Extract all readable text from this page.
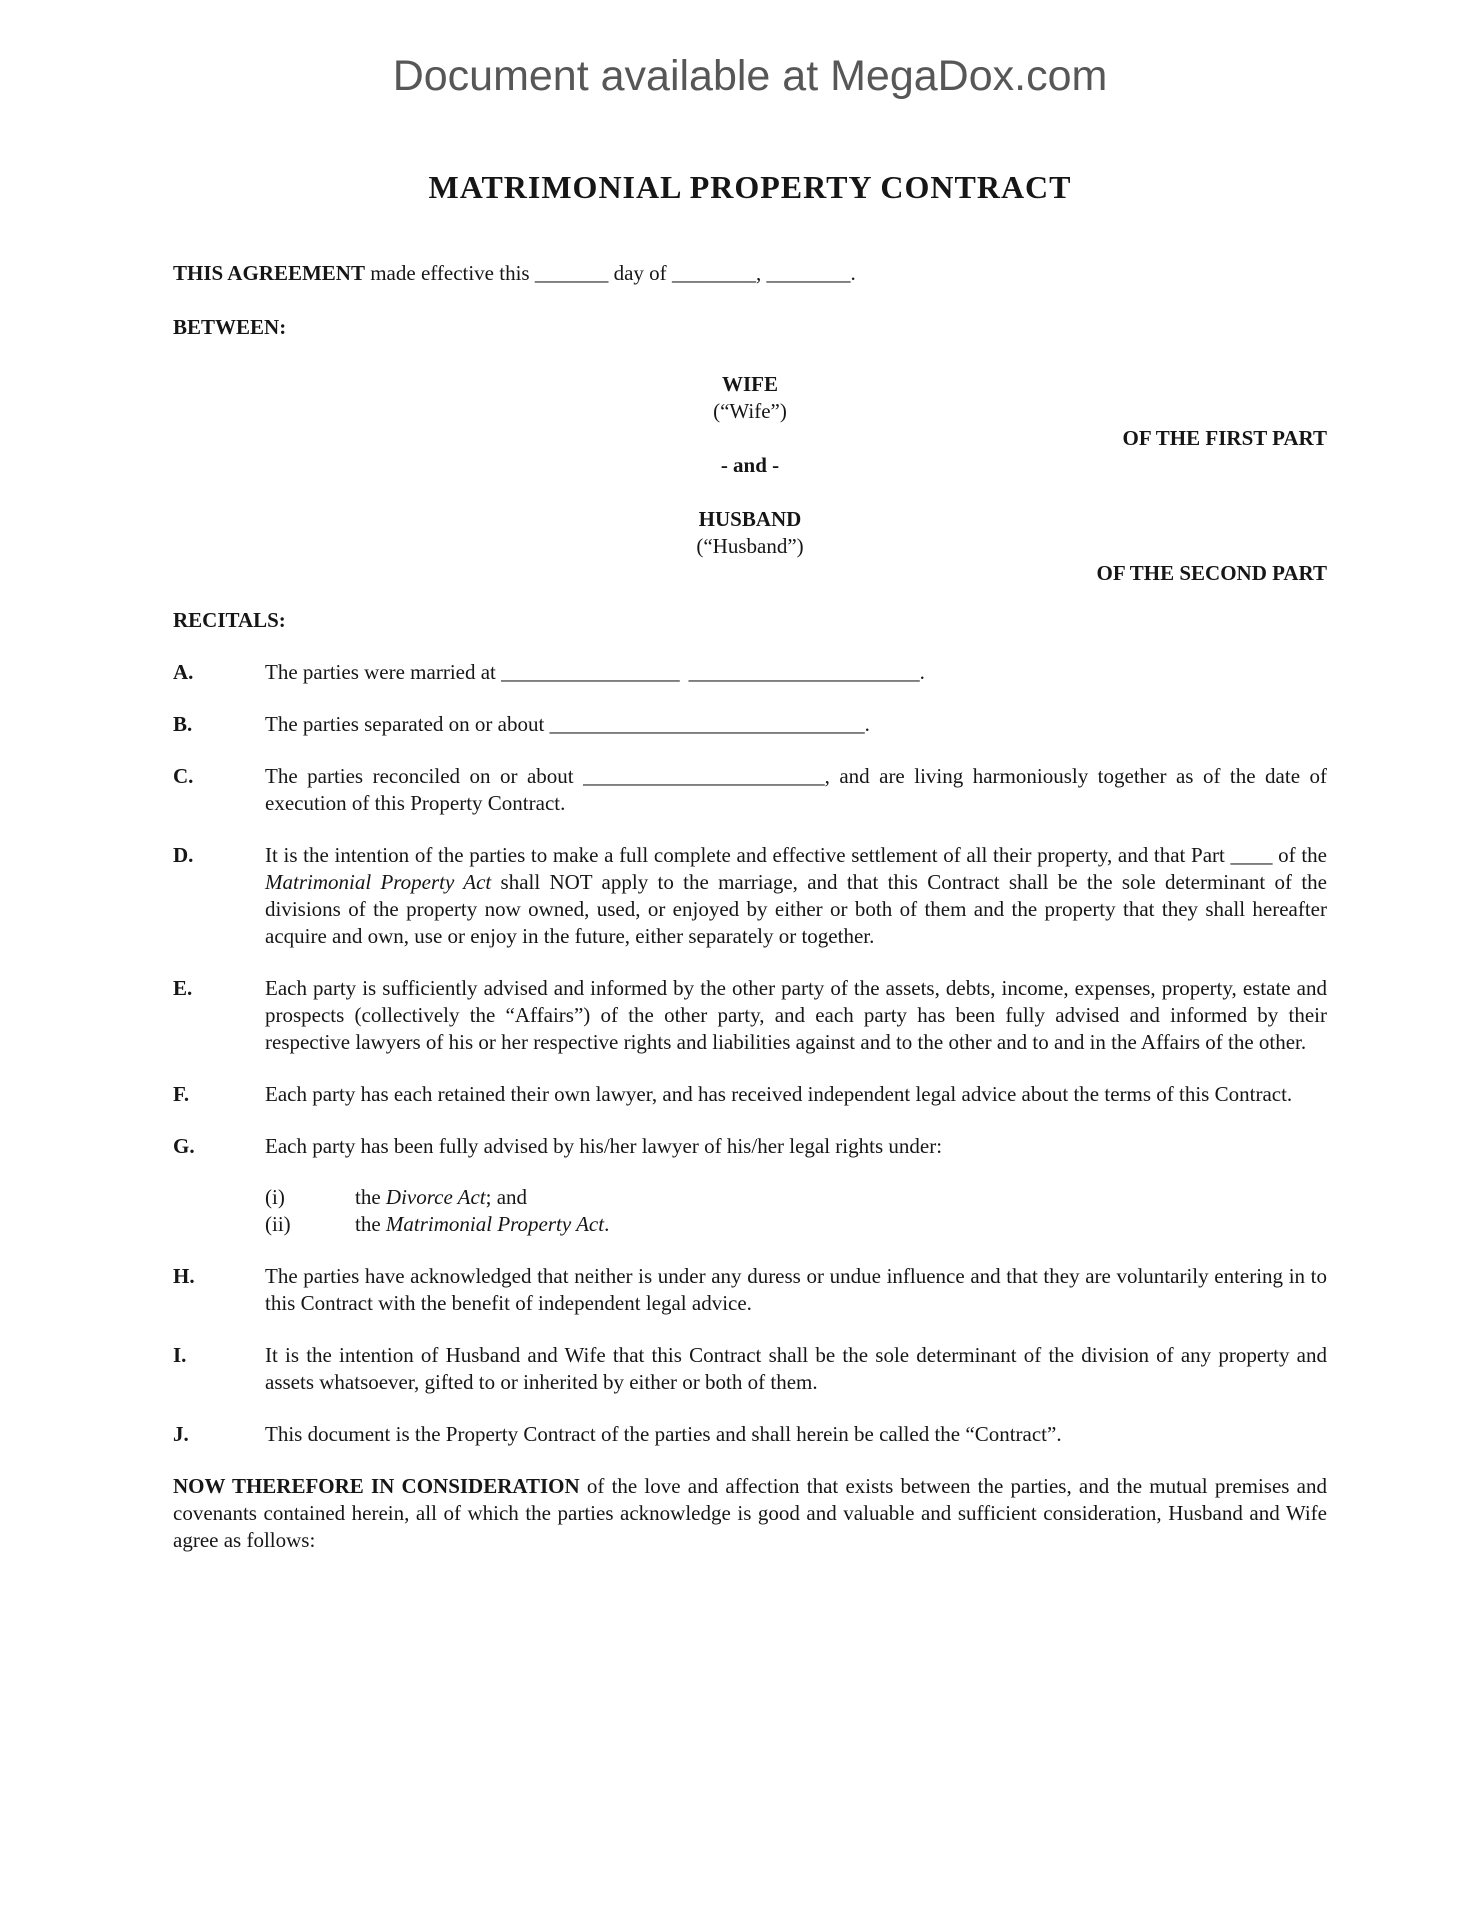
Document available at MegaDox.com
MATRIMONIAL PROPERTY CONTRACT
THIS AGREEMENT made effective this _______ day of ________, ________.
BETWEEN:
WIFE
(“Wife”)
OF THE FIRST PART
- and -
HUSBAND
(“Husband”)
OF THE SECOND PART
RECITALS:
A.	The parties were married at _________________ ______________________.
B.	The parties separated on or about ______________________________.
C.	The parties reconciled on or about _______________________, and are living harmoniously together as of the date of execution of this Property Contract.
D.	It is the intention of the parties to make a full complete and effective settlement of all their property, and that Part ____ of the Matrimonial Property Act shall NOT apply to the marriage, and that this Contract shall be the sole determinant of the divisions of the property now owned, used, or enjoyed by either or both of them and the property that they shall hereafter acquire and own, use or enjoy in the future, either separately or together.
E.	Each party is sufficiently advised and informed by the other party of the assets, debts, income, expenses, property, estate and prospects (collectively the “Affairs”) of the other party, and each party has been fully advised and informed by their respective lawyers of his or her respective rights and liabilities against and to the other and to and in the Affairs of the other.
F.	Each party has each retained their own lawyer, and has received independent legal advice about the terms of this Contract.
G.	Each party has been fully advised by his/her lawyer of his/her legal rights under:
(i)	the Divorce Act; and
(ii)	the Matrimonial Property Act.
H.	The parties have acknowledged that neither is under any duress or undue influence and that they are voluntarily entering in to this Contract with the benefit of independent legal advice.
I.	It is the intention of Husband and Wife that this Contract shall be the sole determinant of the division of any property and assets whatsoever, gifted to or inherited by either or both of them.
J.	This document is the Property Contract of the parties and shall herein be called the “Contract”.
NOW THEREFORE IN CONSIDERATION of the love and affection that exists between the parties, and the mutual premises and covenants contained herein, all of which the parties acknowledge is good and valuable and sufficient consideration, Husband and Wife agree as follows:
